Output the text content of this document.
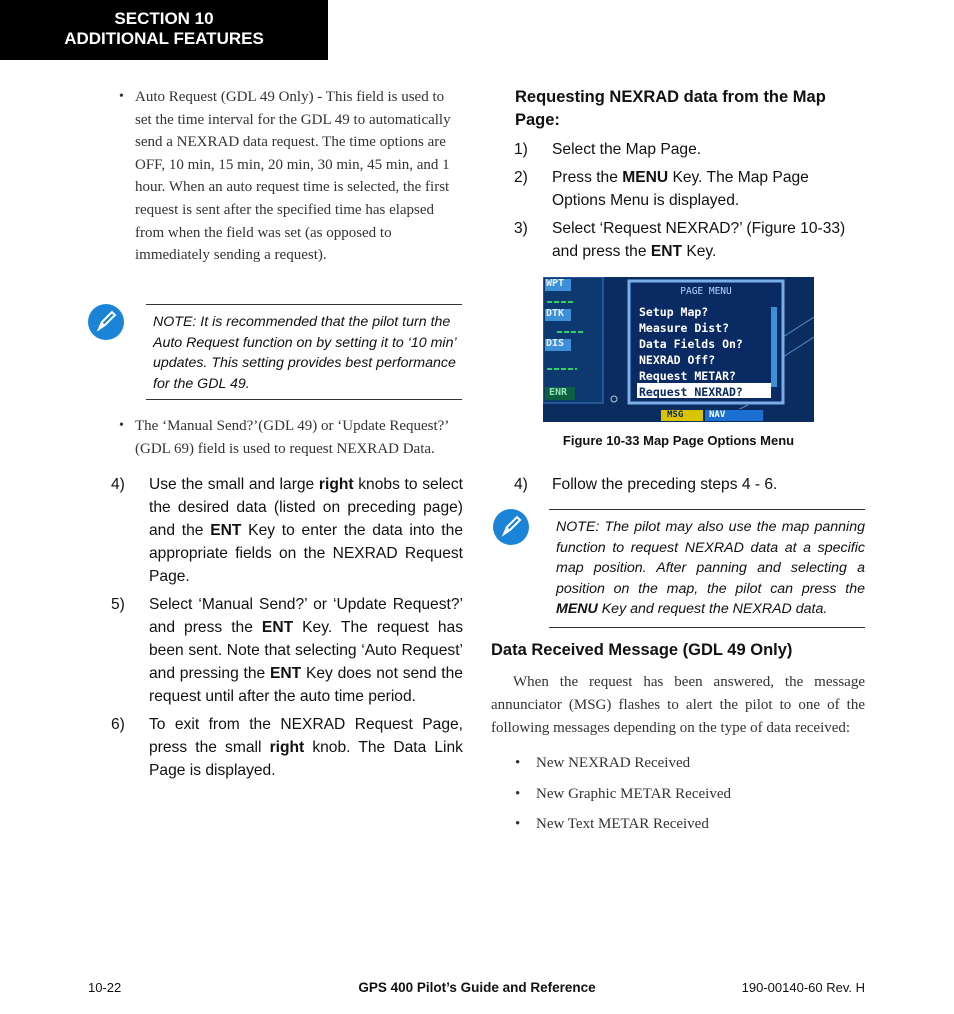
SECTION 10
ADDITIONAL FEATURES
• Auto Request (GDL 49 Only) - This field is used to set the time interval for the GDL 49 to automatically send a NEXRAD data request. The time options are OFF, 10 min, 15 min, 20 min, 30 min, 45 min, and 1 hour. When an auto request time is selected, the first request is sent after the specified time has elapsed from when the field was set (as opposed to immediately sending a request).
NOTE: It is recommended that the pilot turn the Auto Request function on by setting it to ‘10 min’ updates. This setting provides best performance for the GDL 49.
• The ‘Manual Send?’(GDL 49) or ‘Update Request?’ (GDL 69) field is used to request NEXRAD Data.
4) Use the small and large right knobs to select the desired data (listed on preceding page) and the ENT Key to enter the data into the appropriate fields on the NEXRAD Request Page.
5) Select ‘Manual Send?’ or ‘Update Request?’ and press the ENT Key. The request has been sent. Note that selecting ‘Auto Request’ and pressing the ENT Key does not send the request until after the auto time period.
6) To exit from the NEXRAD Request Page, press the small right knob. The Data Link Page is displayed.
Requesting NEXRAD data from the Map Page:
1) Select the Map Page.
2) Press the MENU Key. The Map Page Options Menu is displayed.
3) Select ‘Request NEXRAD?’ (Figure 10-33) and press the ENT Key.
WPT
DTK
DIS
ENR
PAGE MENU
Setup Map?
Measure Dist?
Data Fields On?
NEXRAD Off?
Request METAR?
Request NEXRAD?
MSG	NAV
Figure 10-33 Map Page Options Menu
4) Follow the preceding steps 4 - 6.
NOTE: The pilot may also use the map panning function to request NEXRAD data at a specific map position. After panning and selecting a position on the map, the pilot can press the MENU Key and request the NEXRAD data.
Data Received Message (GDL 49 Only)
When the request has been answered, the message annunciator (MSG) flashes to alert the pilot to one of the following messages depending on the type of data received:
• New NEXRAD Received
• New Graphic METAR Received
• New Text METAR Received
10-22	GPS 400 Pilot’s Guide and Reference	190-00140-60 Rev. H
